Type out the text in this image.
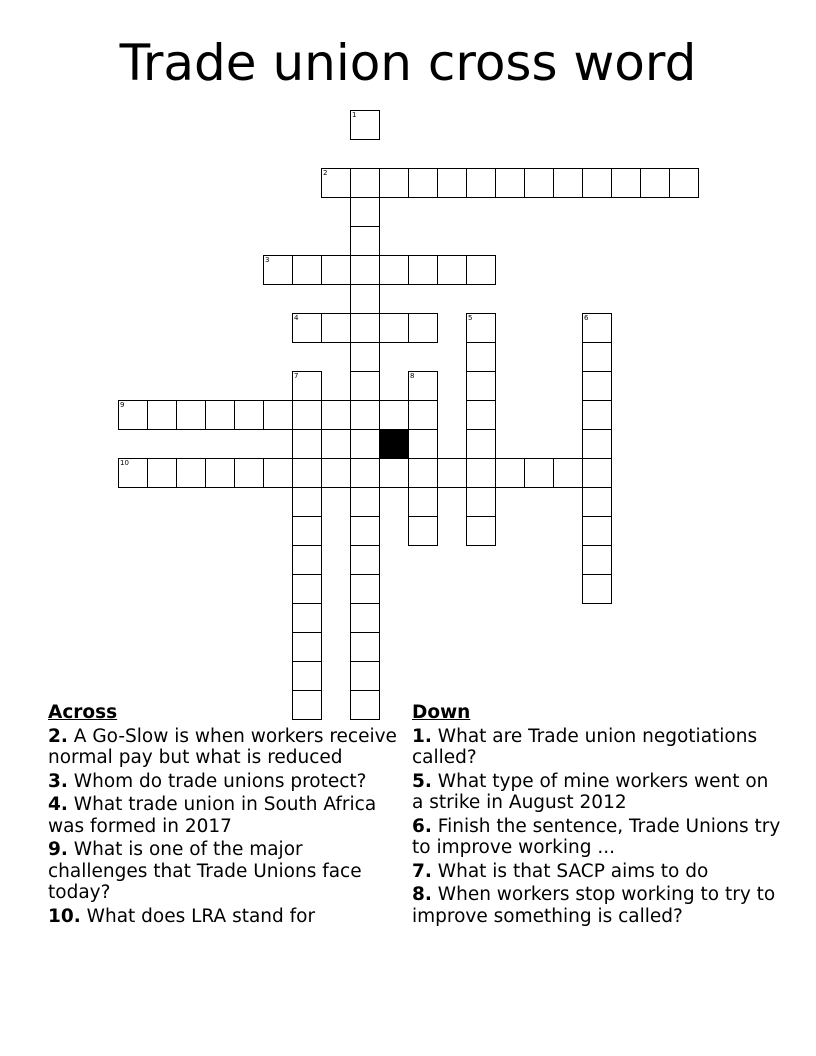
Trade union cross word
1
2
3
4	5	6
7	8
9
10
Across
2. A Go-Slow is when workers receive normal pay but what is reduced
3. Whom do trade unions protect?
4. What trade union in South Africa was formed in 2017
9. What is one of the major challenges that Trade Unions face today?
10. What does LRA stand for
Down
1. What are Trade union negotiations called?
5. What type of mine workers went on a strike in August 2012
6. Finish the sentence, Trade Unions try to improve working ...
7. What is that SACP aims to do
8. When workers stop working to try to improve something is called?
